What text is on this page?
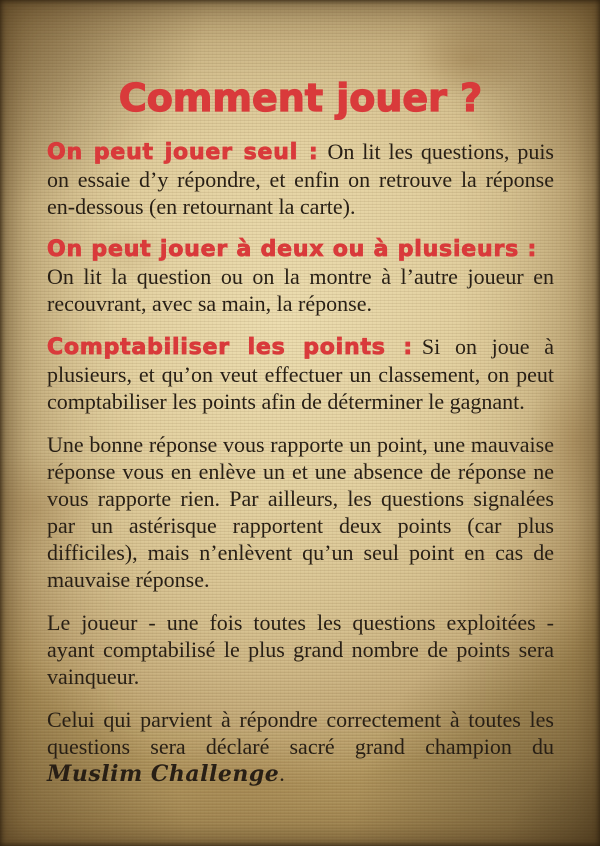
Comment jouer ?

On peut jouer seul : On lit les questions, puis on essaie d’y répondre, et enfin on retrouve la réponse en-dessous (en retournant la carte).

On peut jouer à deux ou à plusieurs :
On lit la question ou on la montre à l’autre joueur en recouvrant, avec sa main, la réponse.

Comptabiliser les points : Si on joue à plusieurs, et qu’on veut effectuer un classement, on peut comptabiliser les points afin de déterminer le gagnant.

Une bonne réponse vous rapporte un point, une mauvaise réponse vous en enlève un et une absence de réponse ne vous rapporte rien. Par ailleurs, les questions signalées par un astérisque rapportent deux points (car plus difficiles), mais n’enlèvent qu’un seul point en cas de mauvaise réponse.

Le joueur - une fois toutes les questions exploitées - ayant comptabilisé le plus grand nombre de points sera vainqueur.

Celui qui parvient à répondre correctement à toutes les questions sera déclaré sacré grand champion du Muslim Challenge.
